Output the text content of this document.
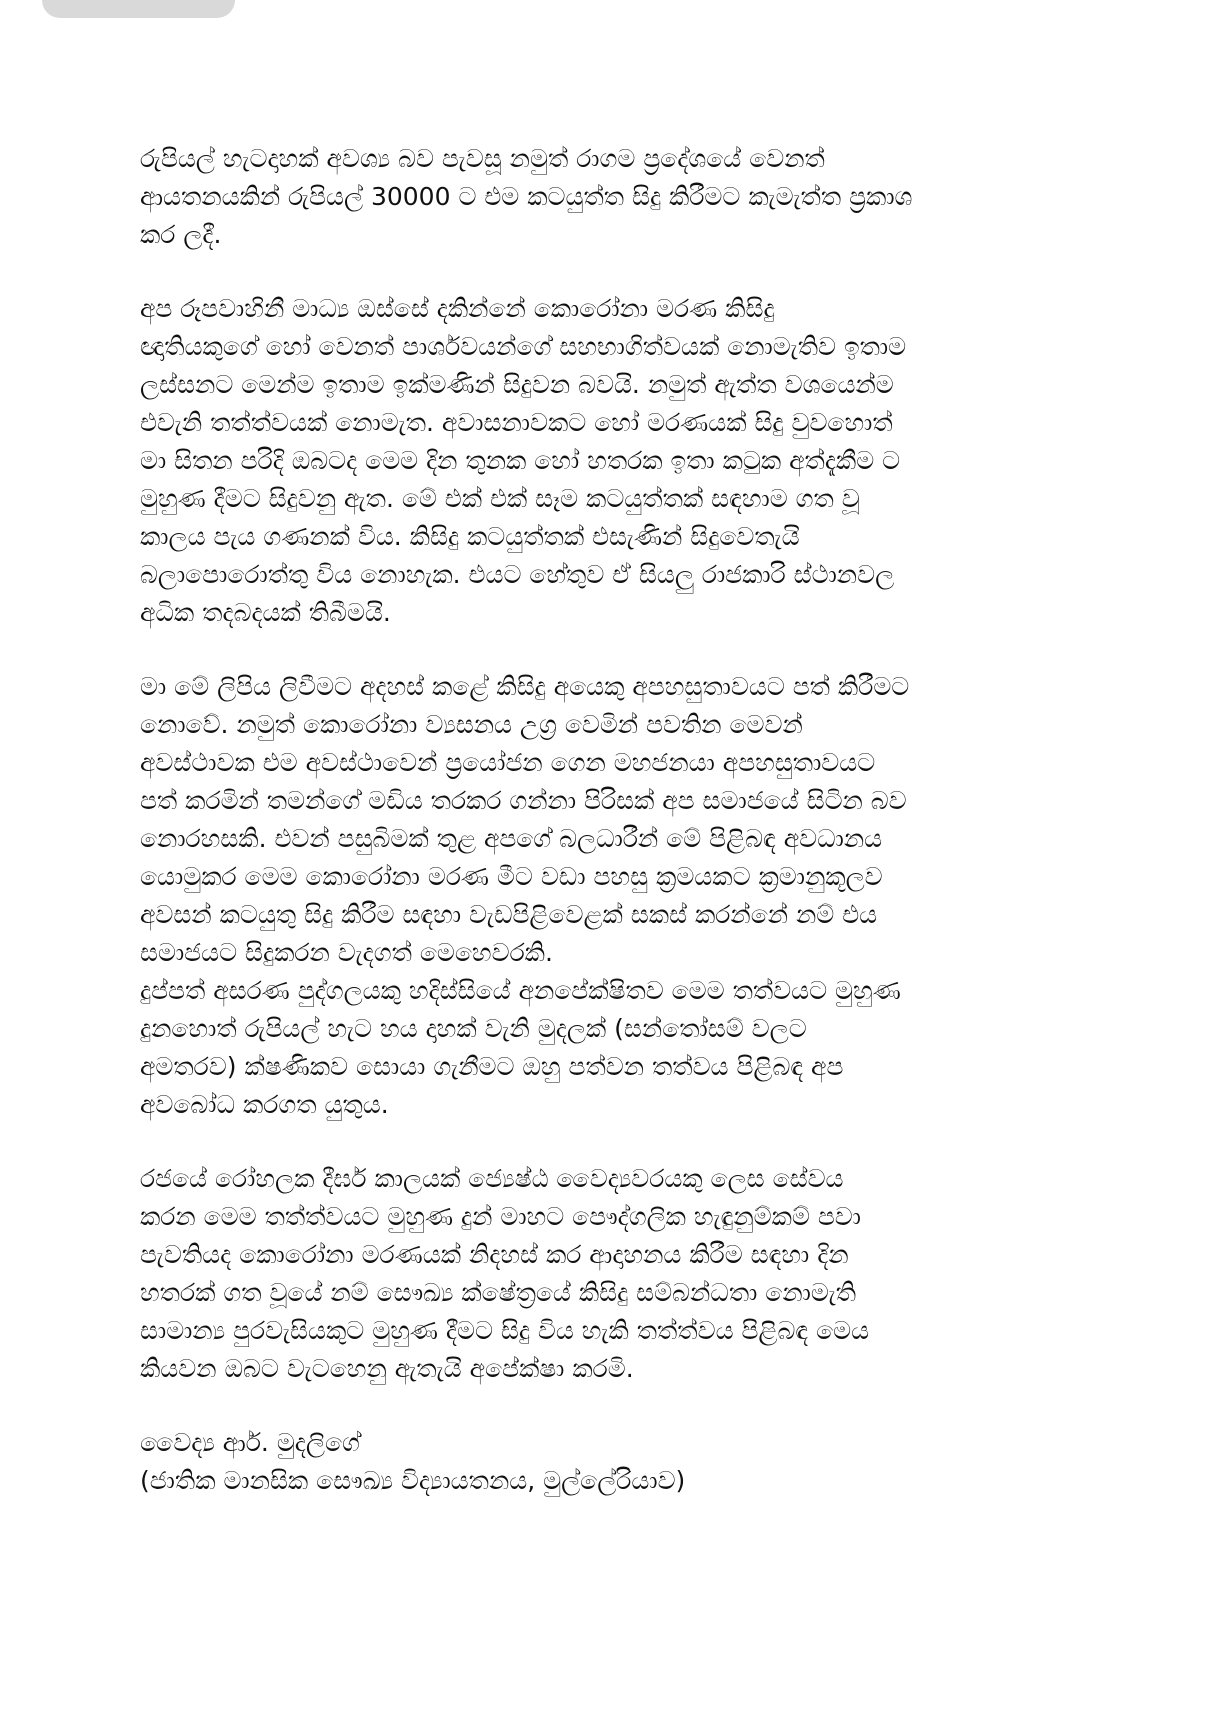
රුපියල් හැටදාහක් අවශ්‍ය බව පැවසූ නමුත් රාගම ප්‍රදේශයේ වෙනත්
ආයතනයකින් රුපියල් 30000 ට එම කටයුත්ත සිදු කිරීමට කැමැත්ත ප්‍රකාශ
කර ලදී.

අප රූපවාහිනී මාධ්‍ය ඔස්සේ දකින්නේ කොරෝනා මරණ කිසිදු
ඥාතියකුගේ හෝ වෙනත් පාර්ශවයන්ගේ සහභාගිත්වයක් නොමැතිව ඉතාම
ලස්සනට මෙන්ම ඉතාම ඉක්මණින් සිදුවන බවයි. නමුත් ඇත්ත වශයෙන්ම
එවැනි තත්ත්වයක් නොමැත. අවාසනාවකට හෝ මරණයක් සිදු වුවහොත්
මා සිතන පරිදි ඔබටද මෙම දින තුනක හෝ හතරක ඉතා කටුක අත්දැකීම ට
මුහුණ දීමට සිදුවනු ඇත. මේ එක් එක් සෑම කටයුත්තක් සඳහාම ගත වූ
කාලය පැය ගණනක් විය. කිසිදු කටයුත්තක් එසැණින් සිදුවෙතැයි
බලාපොරොත්තු විය නොහැක. එයට හේතුව ඒ සියලු රාජකාරි ස්ථානවල
අධික තදබදයක් තිබීමයි.

මා මේ ලිපිය ලිවීමට අදහස් කළේ කිසිදු අයෙකු අපහසුතාවයට පත් කිරීමට
නොවේ. නමුත් කොරෝනා ව්‍යසනය උග්‍ර වෙමින් පවතින මෙවන්
අවස්ථාවක එම අවස්ථාවෙන් ප්‍රයෝජන ගෙන මහජනයා අපහසුතාවයට
පත් කරමින් තමන්ගේ මඩිය තරකර ගන්නා පිරිසක් අප සමාජයේ සිටින බව
නොරහසකි. එවන් පසුබිමක් තුළ අපගේ බලධාරීන් මේ පිළිබඳ අවධානය
යොමුකර මෙම කොරෝනා මරණ මීට වඩා පහසු ක්‍රමයකට ක්‍රමානුකූලව
අවසන් කටයුතු සිදු කිරීම සඳහා වැඩපිළිවෙළක් සකස් කරන්නේ නම් එය
සමාජයට සිදුකරන වැදගත් මෙහෙවරකි.
දුප්පත් අසරණ පුද්ගලයකු හදිස්සියේ අනපේක්ෂිතව මෙම තත්වයට මුහුණ
දුනහොත් රුපියල් හැට හය දාහක් වැනි මුදලක් (සන්තෝසම් වලට
අමතරව) ක්ෂණිකව සොයා ගැනීමට ඔහු පත්වන තත්වය පිළිබඳ අප
අවබෝධ කරගත යුතුය.

රජයේ රෝහලක දීර්ඝ කාලයක් ජ්‍යෙෂ්ඨ වෛද්‍යවරයකු ලෙස සේවය
කරන මෙම තත්ත්වයට මුහුණ දුන් මාහට පෞද්ගලික හැඳුනුම්කම් පවා
පැවතියද කොරෝනා මරණයක් නිදහස් කර ආදාහනය කිරීම සඳහා දින
හතරක් ගත වූයේ නම් සෞඛ්‍ය ක්ෂේත්‍රයේ කිසිදු සම්බන්ධතා නොමැති
සාමාන්‍ය පුරවැසියකුට මුහුණ දීමට සිදු විය හැකි තත්ත්වය පිළිබඳ මෙය
කියවන ඔබට වැටහෙනු ඇතැයි අපේක්ෂා කරමි.

වෛද්‍ය ආර්. මුදලිගේ
(ජාතික මානසික සෞඛ්‍ය විද්‍යායතනය, මුල්ලේරියාව)
